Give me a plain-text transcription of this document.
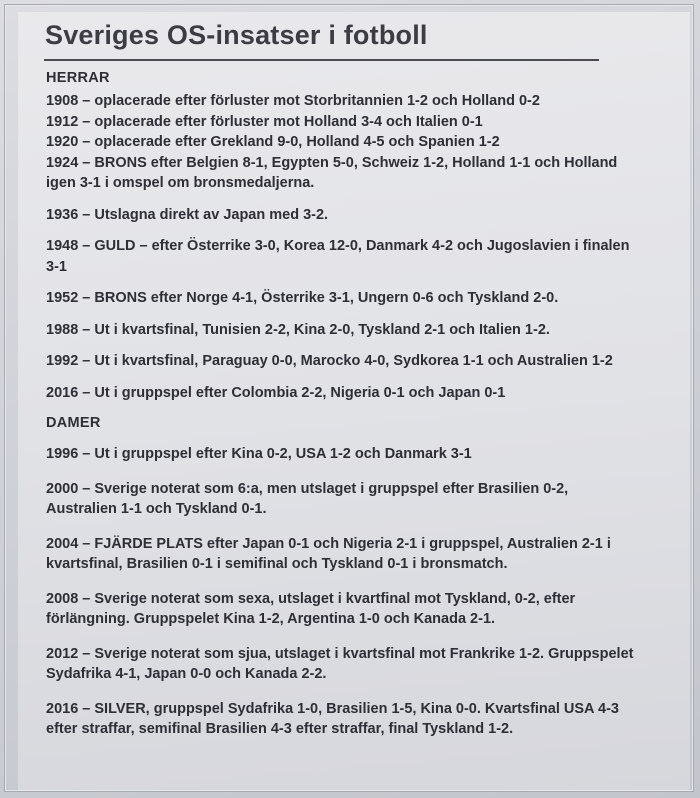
Sveriges OS-insatser i fotboll

HERRAR

1908 – oplacerade efter förluster mot Storbritannien 1-2 och Holland 0-2

1912 – oplacerade efter förluster mot Holland 3-4 och Italien 0-1

1920 – oplacerade efter Grekland 9-0, Holland 4-5 och Spanien 1-2

1924 – BRONS efter Belgien 8-1, Egypten 5-0, Schweiz 1-2, Holland 1-1 och Holland igen 3-1 i omspel om bronsmedaljerna.

1936 – Utslagna direkt av Japan med 3-2.

1948 – GULD – efter Österrike 3-0, Korea 12-0, Danmark 4-2 och Jugoslavien i finalen 3-1

1952 – BRONS efter Norge 4-1, Österrike 3-1, Ungern 0-6 och Tyskland 2-0.

1988 – Ut i kvartsfinal, Tunisien 2-2, Kina 2-0, Tyskland 2-1 och Italien 1-2.

1992 – Ut i kvartsfinal, Paraguay 0-0, Marocko 4-0, Sydkorea 1-1 och Australien 1-2

2016 – Ut i gruppspel efter Colombia 2-2, Nigeria 0-1 och Japan 0-1

DAMER

1996 – Ut i gruppspel efter Kina 0-2, USA 1-2 och Danmark 3-1

2000 – Sverige noterat som 6:a, men utslaget i gruppspel efter Brasilien 0-2, Australien 1-1 och Tyskland 0-1.

2004 – FJÄRDE PLATS efter Japan 0-1 och Nigeria 2-1 i gruppspel, Australien 2-1 i kvartsfinal, Brasilien 0-1 i semifinal och Tyskland 0-1 i bronsmatch.

2008 – Sverige noterat som sexa, utslaget i kvartfinal mot Tyskland, 0-2, efter förlängning. Gruppspelet Kina 1-2, Argentina 1-0 och Kanada 2-1.

2012 – Sverige noterat som sjua, utslaget i kvartsfinal mot Frankrike 1-2. Gruppspelet Sydafrika 4-1, Japan 0-0 och Kanada 2-2.

2016 – SILVER, gruppspel Sydafrika 1-0, Brasilien 1-5, Kina 0-0. Kvartsfinal USA 4-3 efter straffar, semifinal Brasilien 4-3 efter straffar, final Tyskland 1-2.
